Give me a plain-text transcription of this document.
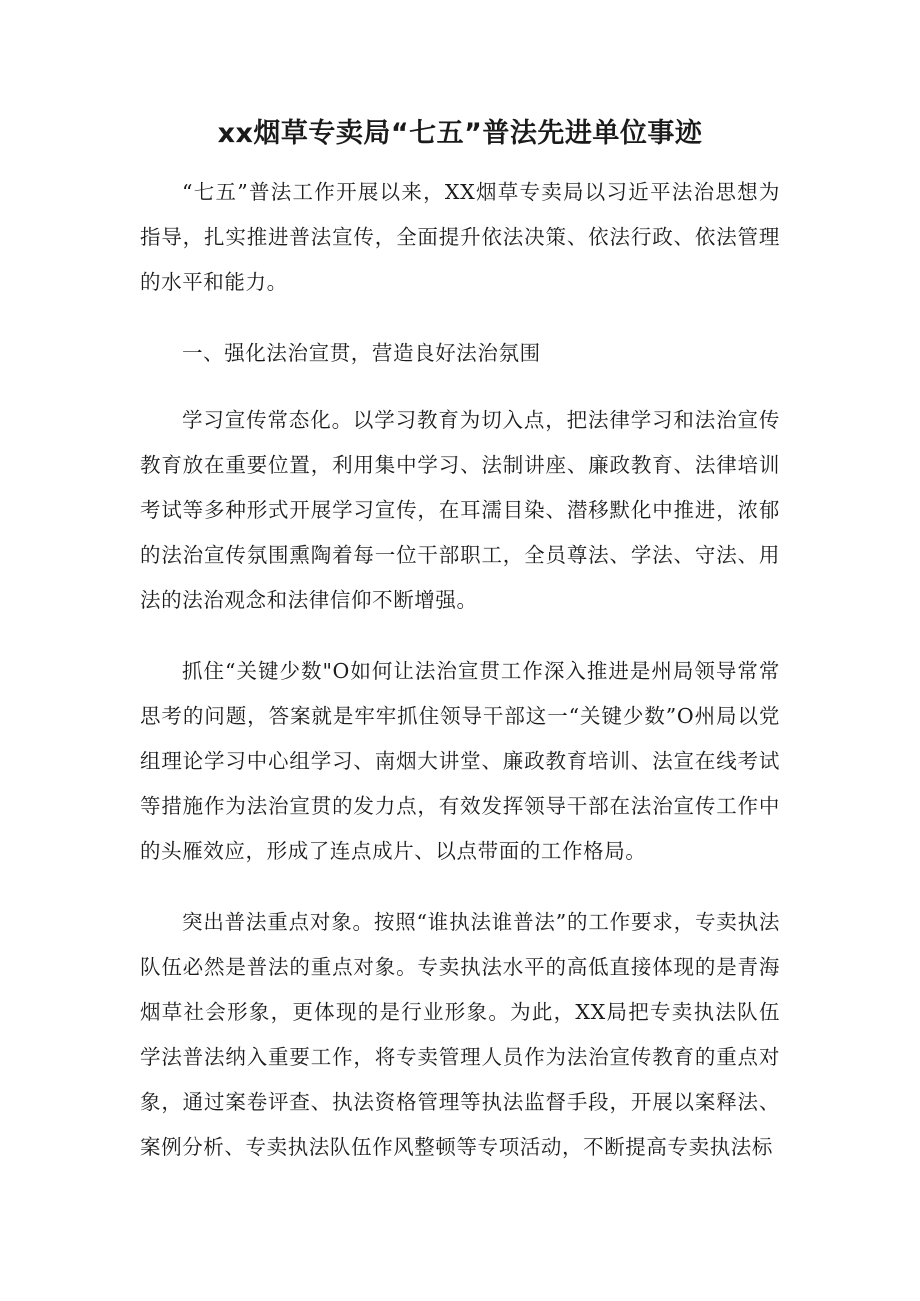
xx烟草专卖局“七五”普法先进单位事迹

“七五”普法工作开展以来，XX烟草专卖局以习近平法治思想为指导，扎实推进普法宣传，全面提升依法决策、依法行政、依法管理的水平和能力。

一、强化法治宣贯，营造良好法治氛围

学习宣传常态化。以学习教育为切入点，把法律学习和法治宣传教育放在重要位置，利用集中学习、法制讲座、廉政教育、法律培训考试等多种形式开展学习宣传，在耳濡目染、潜移默化中推进，浓郁的法治宣传氛围熏陶着每一位干部职工，全员尊法、学法、守法、用法的法治观念和法律信仰不断增强。

抓住“关键少数"O如何让法治宣贯工作深入推进是州局领导常常思考的问题，答案就是牢牢抓住领导干部这一“关键少数”O州局以党组理论学习中心组学习、南烟大讲堂、廉政教育培训、法宣在线考试等措施作为法治宣贯的发力点，有效发挥领导干部在法治宣传工作中的头雁效应，形成了连点成片、以点带面的工作格局。

突出普法重点对象。按照“谁执法谁普法”的工作要求，专卖执法队伍必然是普法的重点对象。专卖执法水平的高低直接体现的是青海烟草社会形象，更体现的是行业形象。为此，XX局把专卖执法队伍学法普法纳入重要工作，将专卖管理人员作为法治宣传教育的重点对象，通过案卷评查、执法资格管理等执法监督手段，开展以案释法、案例分析、专卖执法队伍作风整顿等专项活动，不断提高专卖执法标
